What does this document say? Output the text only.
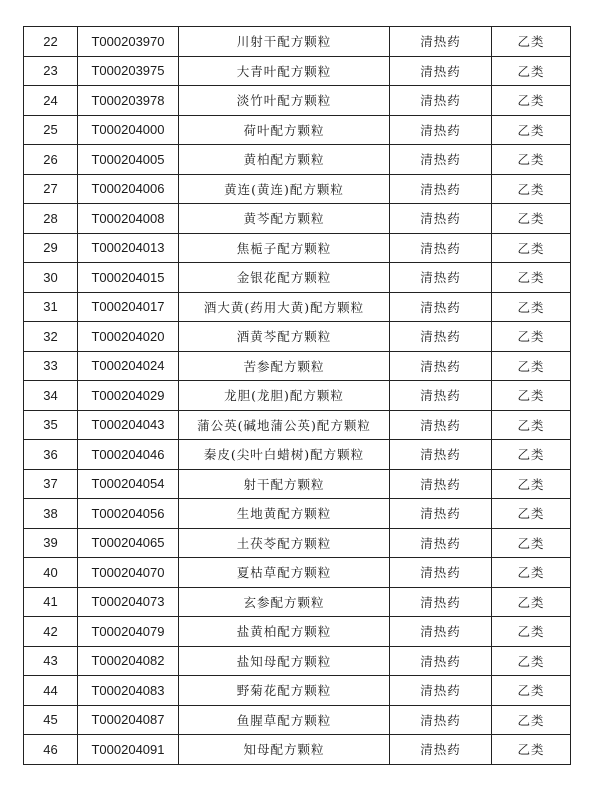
22	T000203970	川射干配方颗粒	清热药	乙类
23	T000203975	大青叶配方颗粒	清热药	乙类
24	T000203978	淡竹叶配方颗粒	清热药	乙类
25	T000204000	荷叶配方颗粒	清热药	乙类
26	T000204005	黄柏配方颗粒	清热药	乙类
27	T000204006	黄连(黄连)配方颗粒	清热药	乙类
28	T000204008	黄芩配方颗粒	清热药	乙类
29	T000204013	焦栀子配方颗粒	清热药	乙类
30	T000204015	金银花配方颗粒	清热药	乙类
31	T000204017	酒大黄(药用大黄)配方颗粒	清热药	乙类
32	T000204020	酒黄芩配方颗粒	清热药	乙类
33	T000204024	苦参配方颗粒	清热药	乙类
34	T000204029	龙胆(龙胆)配方颗粒	清热药	乙类
35	T000204043	蒲公英(碱地蒲公英)配方颗粒	清热药	乙类
36	T000204046	秦皮(尖叶白蜡树)配方颗粒	清热药	乙类
37	T000204054	射干配方颗粒	清热药	乙类
38	T000204056	生地黄配方颗粒	清热药	乙类
39	T000204065	土茯苓配方颗粒	清热药	乙类
40	T000204070	夏枯草配方颗粒	清热药	乙类
41	T000204073	玄参配方颗粒	清热药	乙类
42	T000204079	盐黄柏配方颗粒	清热药	乙类
43	T000204082	盐知母配方颗粒	清热药	乙类
44	T000204083	野菊花配方颗粒	清热药	乙类
45	T000204087	鱼腥草配方颗粒	清热药	乙类
46	T000204091	知母配方颗粒	清热药	乙类
